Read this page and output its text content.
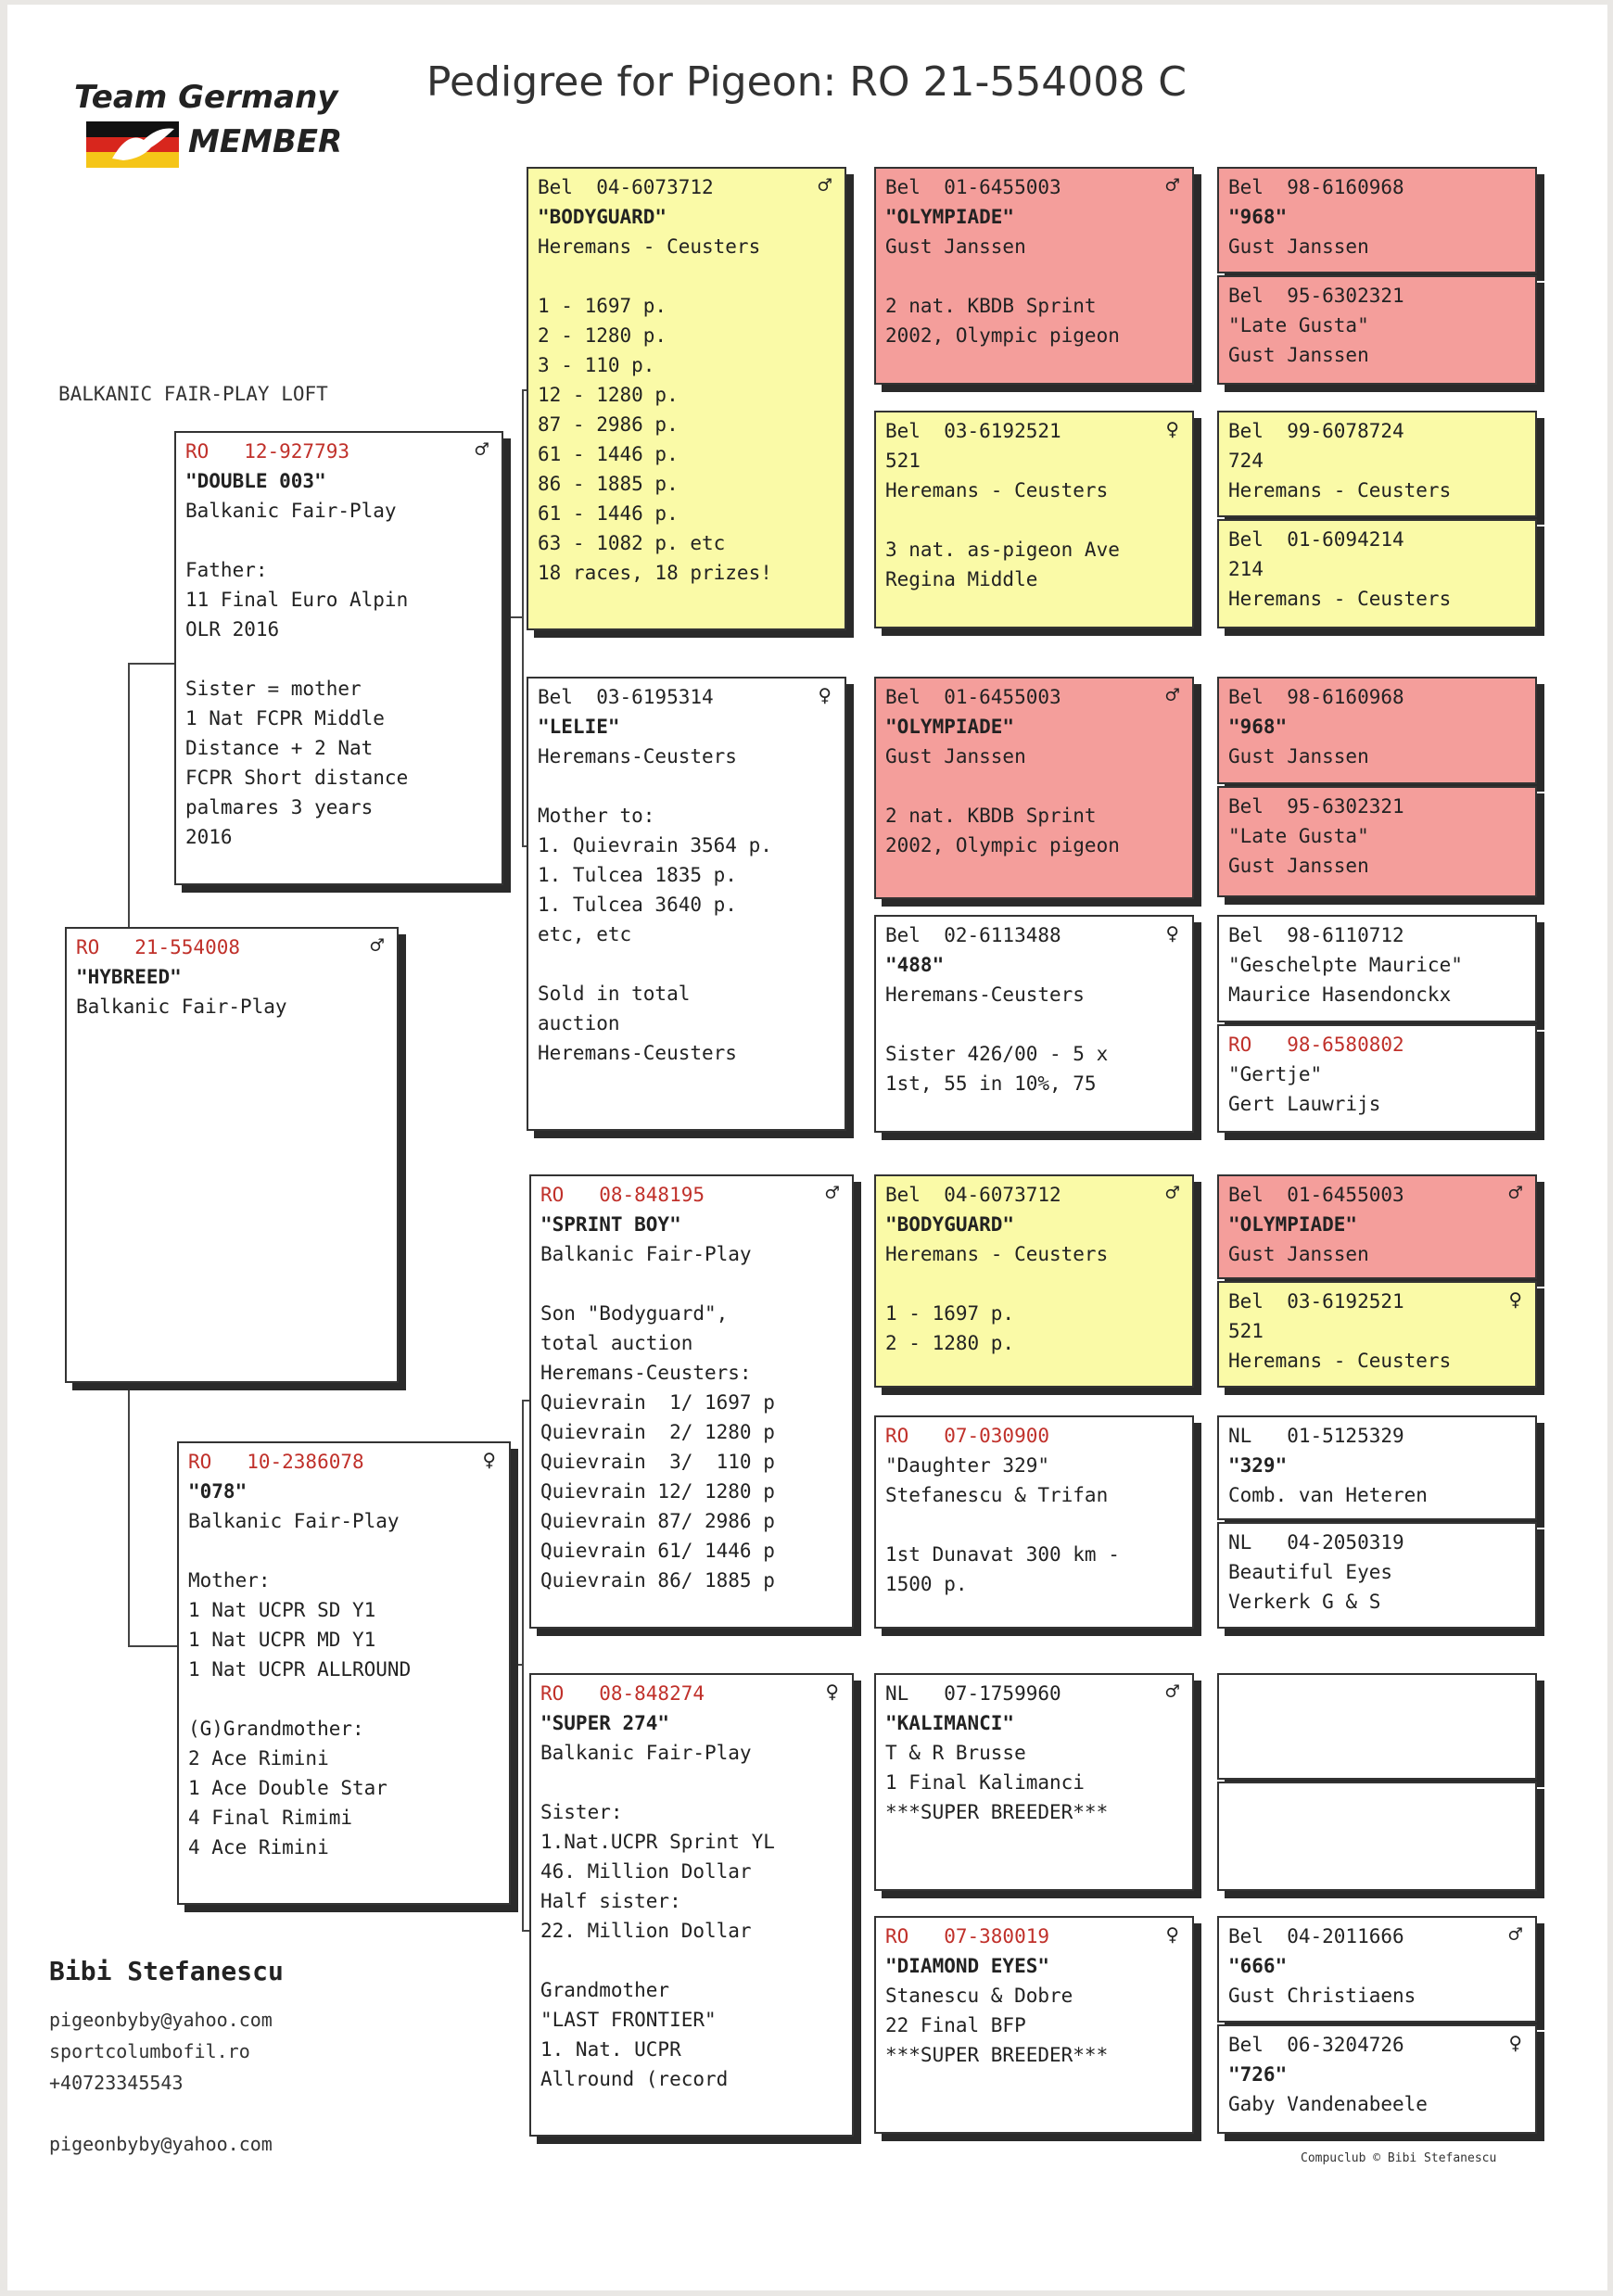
Team Germany
MEMBER
Pedigree for Pigeon: RO 21-554008 C
BALKANIC FAIR-PLAY LOFT
RO   21-554008	♂
"HYBREED"
Balkanic Fair-Play
RO   12-927793	♂
"DOUBLE 003"
Balkanic Fair-Play

Father:
11 Final Euro Alpin
OLR 2016

Sister = mother
1 Nat FCPR Middle
Distance + 2 Nat
FCPR Short distance
palmares 3 years
2016
RO   10-2386078	♀
"078"
Balkanic Fair-Play

Mother:
1 Nat UCPR SD Y1
1 Nat UCPR MD Y1
1 Nat UCPR ALLROUND

(G)Grandmother:
2 Ace Rimini
1 Ace Double Star
4 Final Rimimi
4 Ace Rimini
Bel  04-6073712	♂
"BODYGUARD"
Heremans - Ceusters

1 - 1697 p.
2 - 1280 p.
3 - 110 p.
12 - 1280 p.
87 - 2986 p.
61 - 1446 p.
86 - 1885 p.
61 - 1446 p.
63 - 1082 p. etc
18 races, 18 prizes!
Bel  03-6195314	♀
"LELIE"
Heremans-Ceusters

Mother to:
1. Quievrain 3564 p.
1. Tulcea 1835 p.
1. Tulcea 3640 p.
etc, etc

Sold in total
auction
Heremans-Ceusters
RO   08-848195	♂
"SPRINT BOY"
Balkanic Fair-Play

Son "Bodyguard",
total auction
Heremans-Ceusters:
Quievrain  1/ 1697 p
Quievrain  2/ 1280 p
Quievrain  3/  110 p
Quievrain 12/ 1280 p
Quievrain 87/ 2986 p
Quievrain 61/ 1446 p
Quievrain 86/ 1885 p
RO   08-848274	♀
"SUPER 274"
Balkanic Fair-Play

Sister:
1.Nat.UCPR Sprint YL
46. Million Dollar
Half sister:
22. Million Dollar

Grandmother
"LAST FRONTIER"
1. Nat. UCPR
Allround (record
Bel  01-6455003	♂
"OLYMPIADE"
Gust Janssen

2 nat. KBDB Sprint
2002, Olympic pigeon
Bel  03-6192521	♀
521
Heremans - Ceusters

3 nat. as-pigeon Ave
Regina Middle
Bel  01-6455003	♂
"OLYMPIADE"
Gust Janssen

2 nat. KBDB Sprint
2002, Olympic pigeon
Bel  02-6113488	♀
"488"
Heremans-Ceusters

Sister 426/00 - 5 x
1st, 55 in 10%, 75
Bel  04-6073712	♂
"BODYGUARD"
Heremans - Ceusters

1 - 1697 p.
2 - 1280 p.
RO   07-030900
"Daughter 329"
Stefanescu & Trifan

1st Dunavat 300 km -
1500 p.
NL   07-1759960	♂
"KALIMANCI"
T & R Brusse
1 Final Kalimanci
***SUPER BREEDER***
RO   07-380019	♀
"DIAMOND EYES"
Stanescu & Dobre
22 Final BFP
***SUPER BREEDER***
Bel  98-6160968
"968"
Gust Janssen
Bel  95-6302321
"Late Gusta"
Gust Janssen
Bel  99-6078724
724
Heremans - Ceusters
Bel  01-6094214
214
Heremans - Ceusters
Bel  98-6160968
"968"
Gust Janssen
Bel  95-6302321
"Late Gusta"
Gust Janssen
Bel  98-6110712
"Geschelpte Maurice"
Maurice Hasendonckx
RO   98-6580802
"Gertje"
Gert Lauwrijs
Bel  01-6455003	♂
"OLYMPIADE"
Gust Janssen
Bel  03-6192521	♀
521
Heremans - Ceusters
NL   01-5125329
"329"
Comb. van Heteren
NL   04-2050319
Beautiful Eyes
Verkerk G & S
Bel  04-2011666	♂
"666"
Gust Christiaens
Bel  06-3204726	♀
"726"
Gaby Vandenabeele
Bibi Stefanescu
pigeonbyby@yahoo.com
sportcolumbofil.ro
+40723345543
pigeonbyby@yahoo.com
Compuclub © Bibi Stefanescu
